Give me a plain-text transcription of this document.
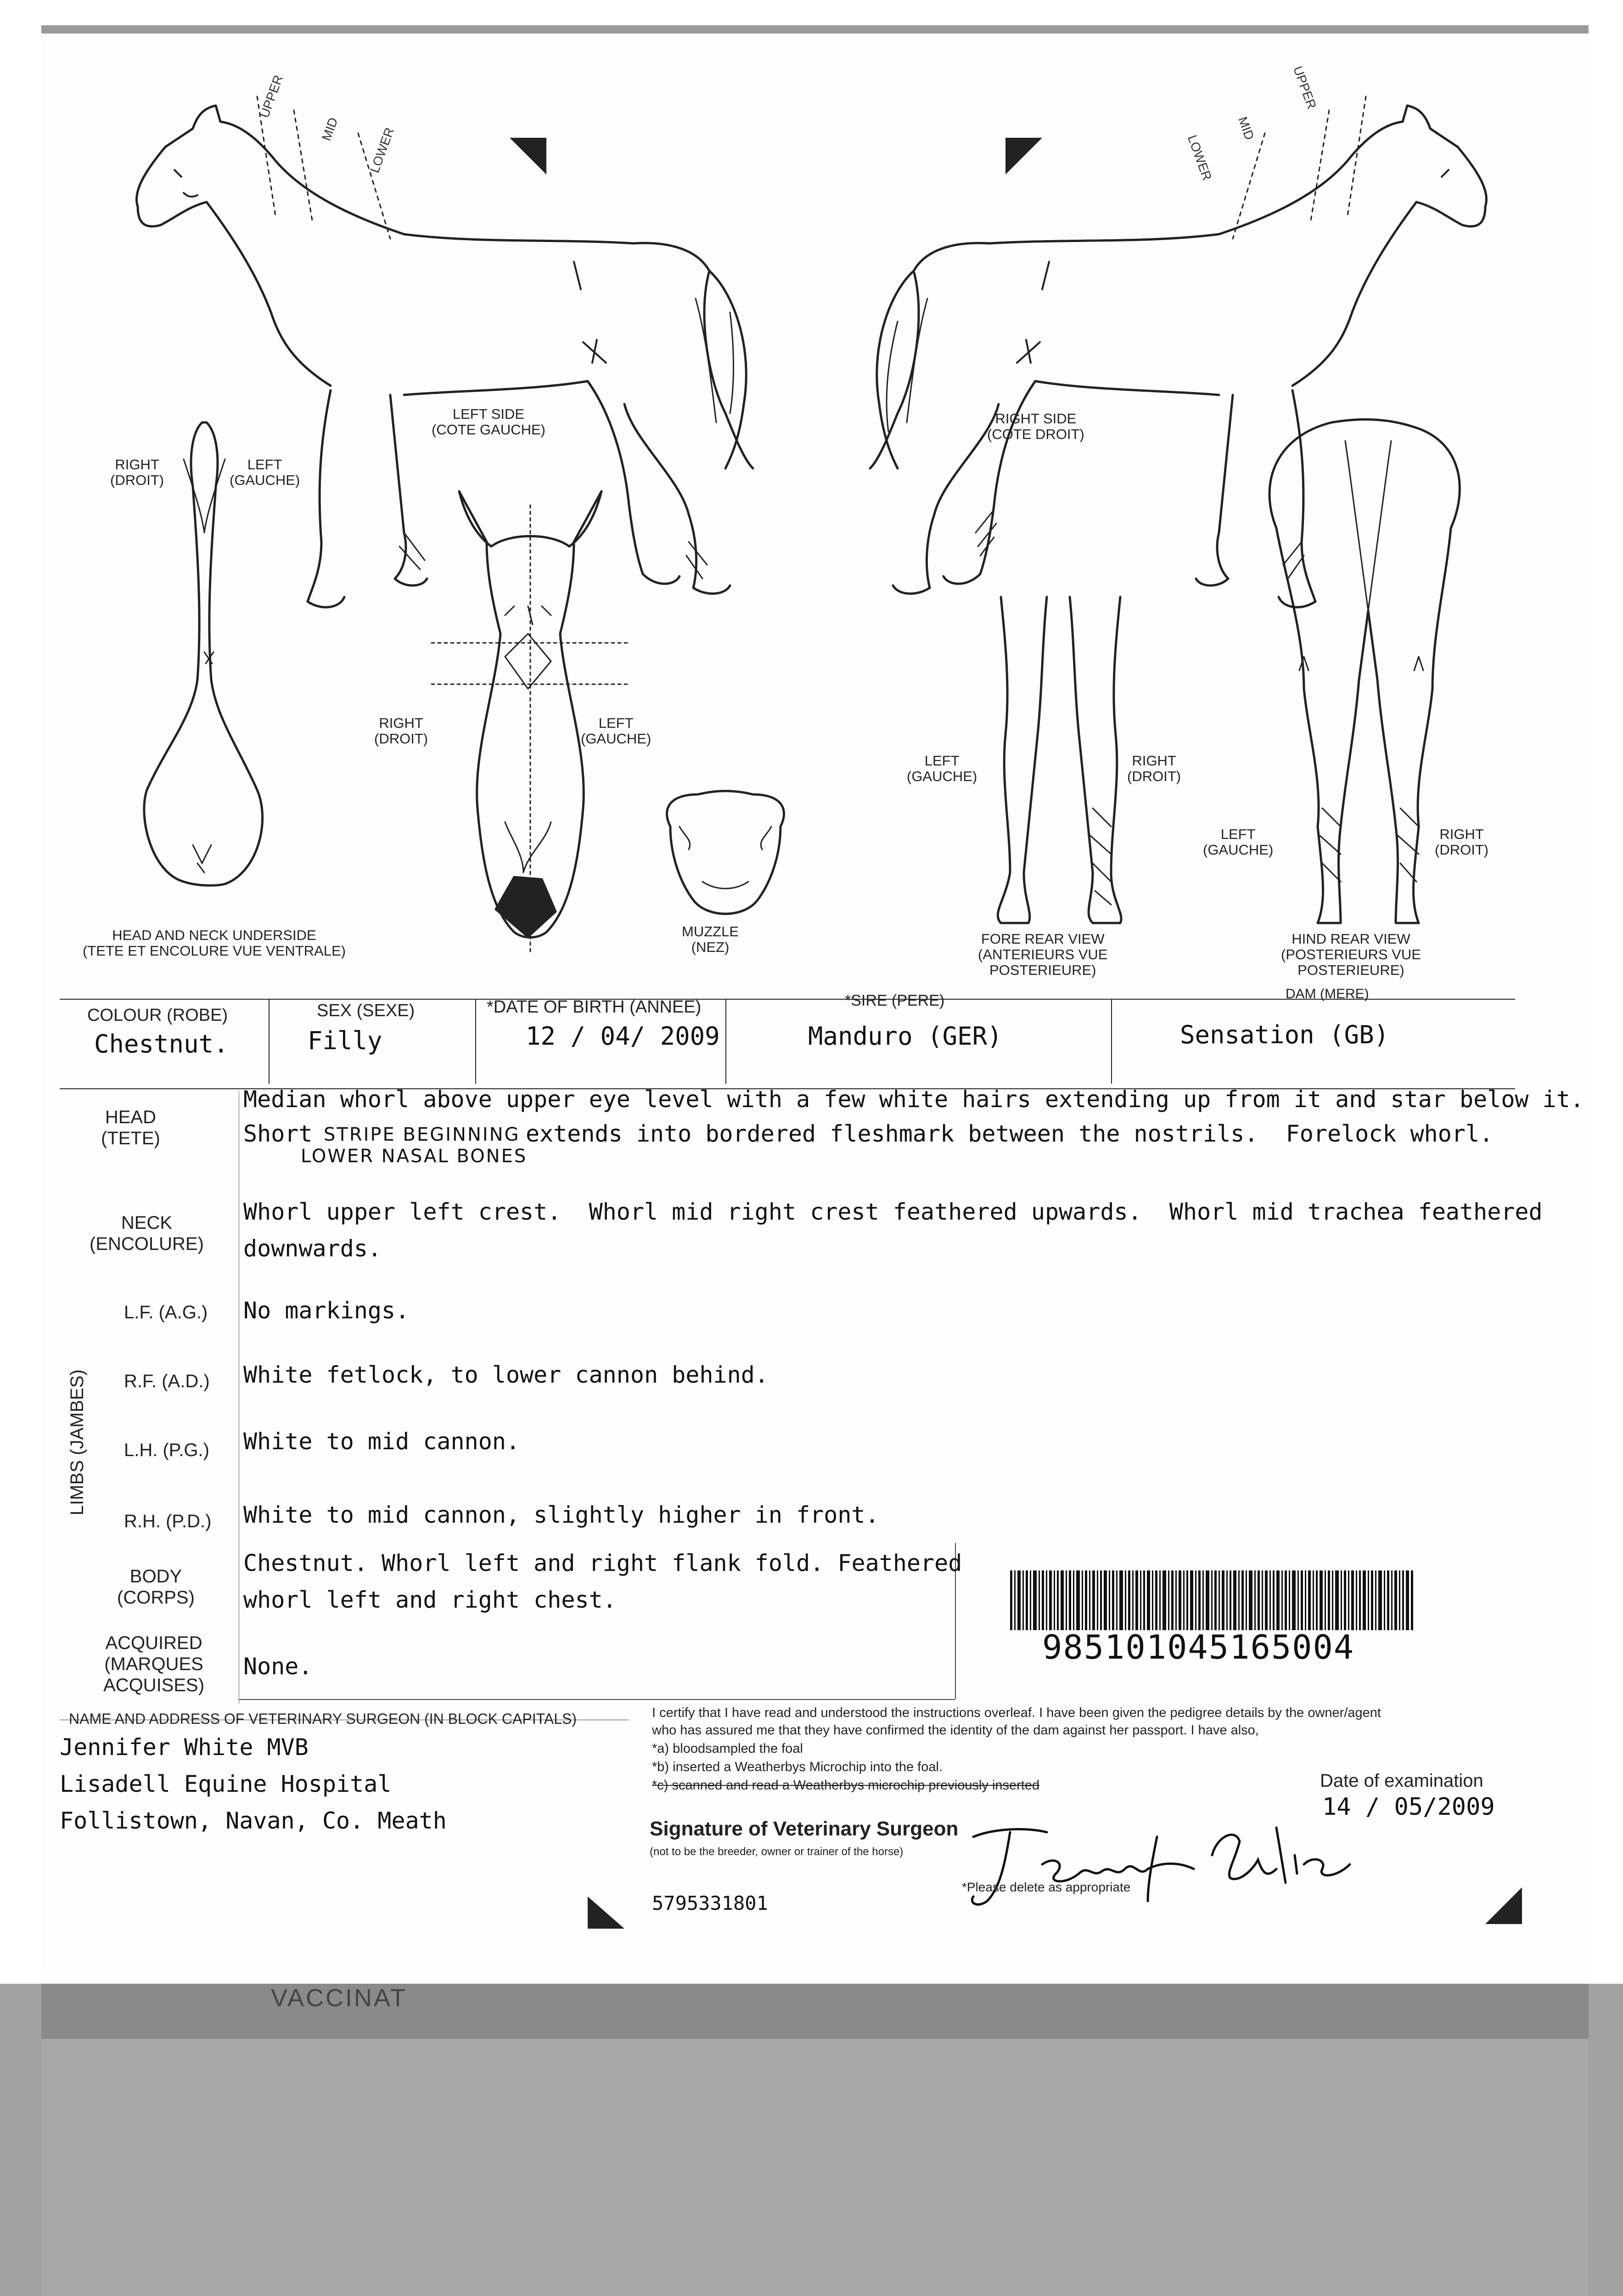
UPPER
MID LOWER
UPPER
MID
LOWER
LEFT SIDE
(COTE GAUCHE)
RIGHT SIDE
(COTE DROIT)
RIGHT
(DROIT)
LEFT
(GAUCHE)
RIGHT
(DROIT)
LEFT
(GAUCHE)
LEFT
(GAUCHE)
RIGHT
(DROIT)
LEFT
(GAUCHE)
RIGHT
(DROIT)
HEAD AND NECK UNDERSIDE
(TETE ET ENCOLURE VUE VENTRALE)
MUZZLE
(NEZ)
FORE REAR VIEW
(ANTERIEURS VUE
POSTERIEURE)
HIND REAR VIEW
(POSTERIEURS VUE
POSTERIEURE)
COLOUR (ROBE)	SEX (SEXE)	*DATE OF BIRTH (ANNEE)	*SIRE (PERE)	DAM (MERE)
Chestnut.	Filly	12 / 04/ 2009	Manduro (GER)	Sensation (GB)
HEAD
(TETE)
Median whorl above upper eye level with a few white hairs extending up from it and star below it.
Short STRIPE BEGINNING extends into bordered fleshmark between the nostrils.  Forelock whorl.
LOWER NASAL BONES
NECK
(ENCOLURE)
Whorl upper left crest.  Whorl mid right crest feathered upwards.  Whorl mid trachea feathered
downwards.
LIMBS (JAMBES)
L.F. (A.G.) No markings.
R.F. (A.D.) White fetlock, to lower cannon behind.
L.H. (P.G.) White to mid cannon.
R.H. (P.D.) White to mid cannon, slightly higher in front.
BODY
(CORPS)
Chestnut. Whorl left and right flank fold. Feathered
whorl left and right chest.
ACQUIRED
(MARQUES
ACQUISES)
None.	985101045165004
NAME AND ADDRESS OF VETERINARY SURGEON (IN BLOCK CAPITALS)
Jennifer White MVB
Lisadell Equine Hospital
Follistown, Navan, Co. Meath
I certify that I have read and understood the instructions overleaf. I have been given the pedigree details by the owner/agent
who has assured me that they have confirmed the identity of the dam against her passport. I have also,
*a) bloodsampled the foal
*b) inserted a Weatherbys Microchip into the foal.
*c) scanned and read a Weatherbys microchip previously inserted	Date of examination
14 / 05/2009
Signature of Veterinary Surgeon
(not to be the breeder, owner or trainer of the horse)
*Please delete as appropriate
5795331801
VACCINAT
